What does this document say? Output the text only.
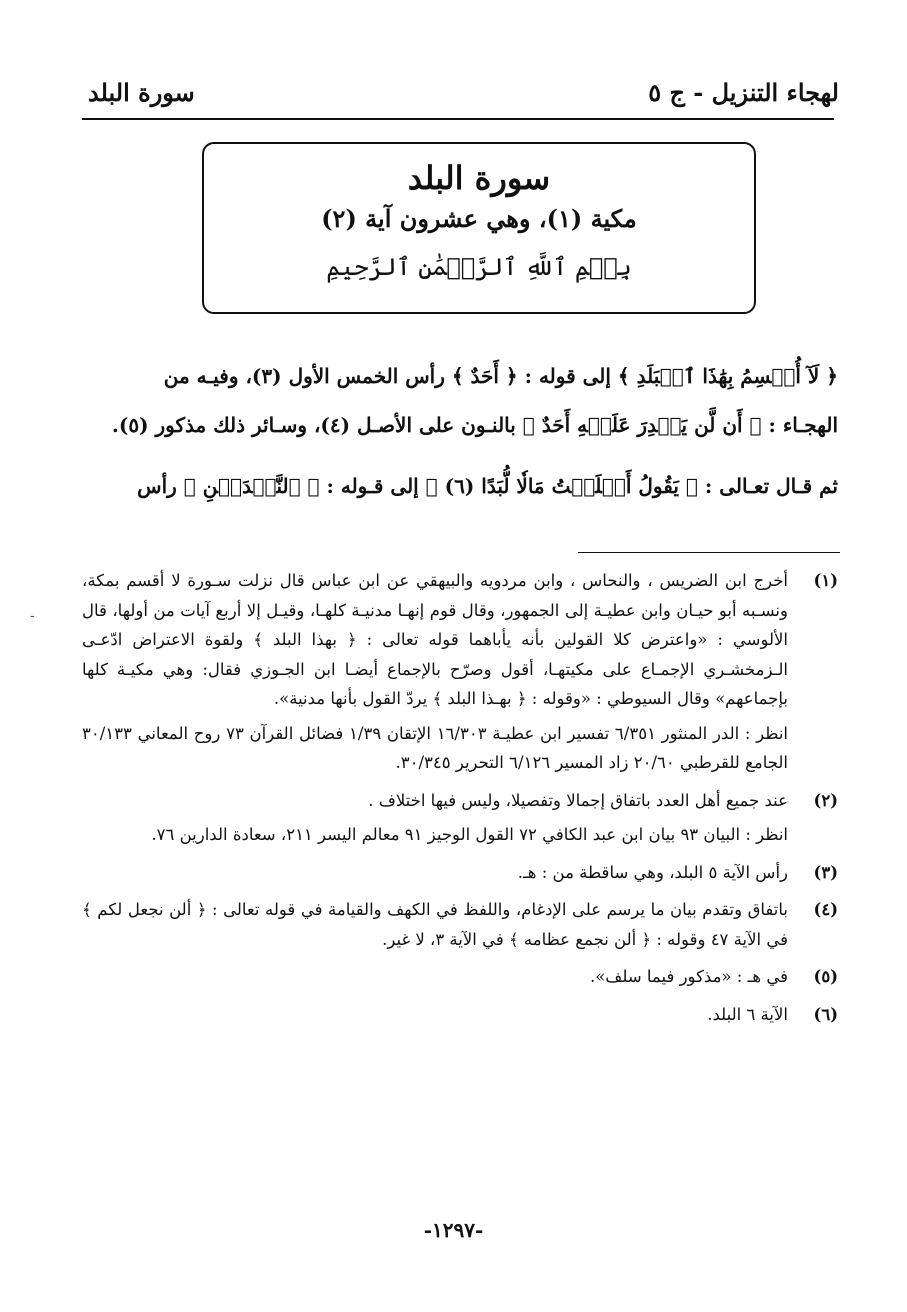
لهجاء التنزيل - ج ٥
سورة البلد
سورة البلد
مكية (١)، وهي عشرون آية (٢)
بِسۡمِ ٱللَّهِ ٱلرَّحۡمَٰنِ ٱلرَّحِيمِ

﴿ لَآ أُقۡسِمُ بِهَٰذَا ٱلۡبَلَدِ ﴾ إلى قوله : ﴿ أَحَدٌ ﴾ رأس الخمس الأول (٣)، وفيـه من

الهجـاء : ﴿ أَن لَّن يَقۡدِرَ عَلَيۡهِ أَحَدٌ ﴾ بالنـون على الأصـل (٤)، وسـائر ذلك مذكور (٥).

ثم قـال تعـالى : ﴿ يَقُولُ أَهۡلَكۡتُ مَالٗا لُّبَدًا (٦) ﴾ إلى قـوله : ﴿ ٱلنَّجۡدَيۡنِ ﴾ رأس

-
(١)

أخرج ابن الضريس ، والنحاس ، وابن مردويه والبيهقي عن ابن عباس قال نزلت سـورة لا أقسم بمكة، ونسـبه أبو حيـان وابن عطيـة إلى الجمهور، وقال قوم إنهـا مدنيـة كلهـا، وقيـل إلا أربع آيات من أولها، قال الألوسي : «واعترض كلا القولين بأنه يأباهما قوله تعالى : ﴿ بهذا البلد ﴾ ولقوة الاعتراض ادّعـى الـزمخشـري الإجمـاع على مكيتهـا، أقول وصرّح بالإجماع أيضـا ابن الجـوزي فقال: وهي مكيـة كلها بإجماعهم» وقال السيوطي : «وقوله : ﴿ بهـذا البلد ﴾ يردّ القول بأنها مدنية».

انظر : الدر المنثور ٦/٣٥١ تفسير ابن عطيـة ١٦/٣٠٣ الإتقان ١/٣٩ فضائل القرآن ٧٣ روح المعاني ٣٠/١٣٣ الجامع للقرطبي ٢٠/٦٠ زاد المسير ٦/١٢٦ التحرير ٣٠/٣٤٥.

(٢)

عند جميع أهل العدد باتفاق إجمالا وتفصيلا، وليس فيها اختلاف .

انظر : البيان ٩٣ بيان ابن عبد الكافي ٧٢ القول الوجيز ٩١ معالم اليسر ٢١١، سعادة الدارين ٧٦.

(٣)

رأس الآية ٥ البلد، وهي ساقطة من : هـ.

(٤)

باتفاق وتقدم بيان ما يرسم على الإدغام، واللفظ في الكهف والقيامة في قوله تعالى : ﴿ ألن نجعل لكم ﴾ في الآية ٤٧ وقوله : ﴿ ألن نجمع عظامه ﴾ في الآية ٣، لا غير.

(٥)

في هـ : «مذكور فيما سلف».

(٦)

الآية ٦ البلد.

-١٢٩٧-
